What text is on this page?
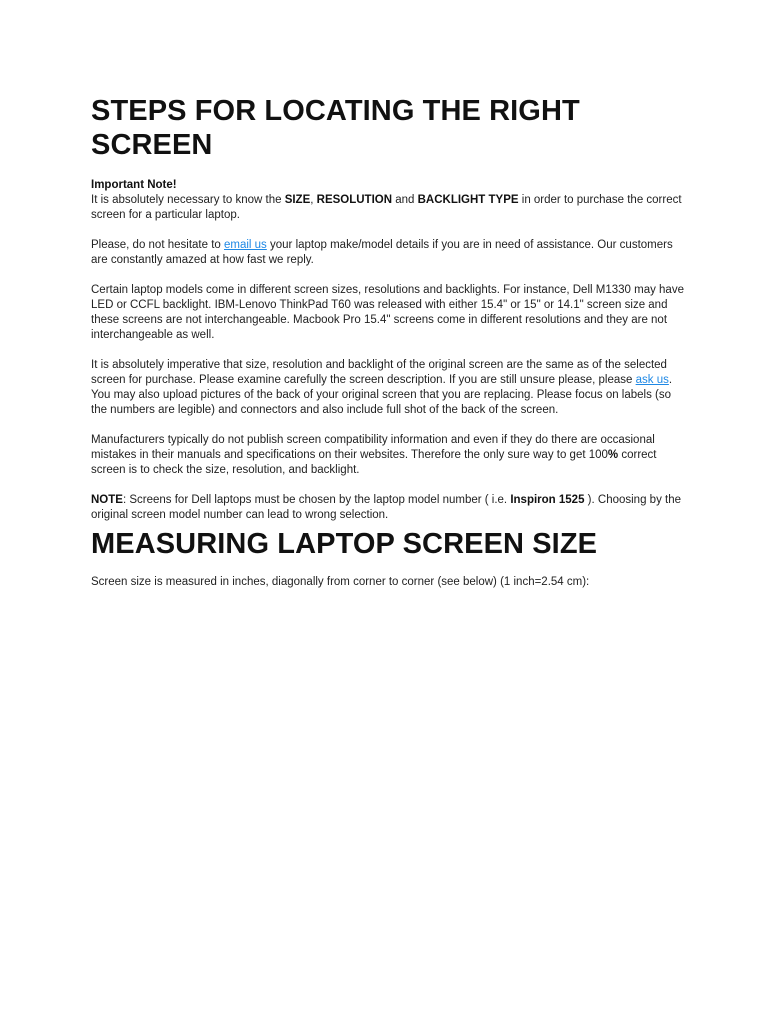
STEPS FOR LOCATING THE RIGHT SCREEN

Important Note!
It is absolutely necessary to know the SIZE, RESOLUTION and BACKLIGHT TYPE in order to purchase the correct screen for a particular laptop.

Please, do not hesitate to email us your laptop make/model details if you are in need of assistance. Our customers are constantly amazed at how fast we reply.

Certain laptop models come in different screen sizes, resolutions and backlights. For instance, Dell M1330 may have LED or CCFL backlight. IBM-Lenovo ThinkPad T60 was released with either 15.4" or 15" or 14.1" screen size and these screens are not interchangeable. Macbook Pro 15.4" screens come in different resolutions and they are not interchangeable as well.

It is absolutely imperative that size, resolution and backlight of the original screen are the same as of the selected screen for purchase. Please examine carefully the screen description. If you are still unsure please, please ask us. You may also upload pictures of the back of your original screen that you are replacing. Please focus on labels (so the numbers are legible) and connectors and also include full shot of the back of the screen.

Manufacturers typically do not publish screen compatibility information and even if they do there are occasional mistakes in their manuals and specifications on their websites. Therefore the only sure way to get 100% correct screen is to check the size, resolution, and backlight.

NOTE: Screens for Dell laptops must be chosen by the laptop model number ( i.e. Inspiron 1525 ). Choosing by the original screen model number can lead to wrong selection.

MEASURING LAPTOP SCREEN SIZE

Screen size is measured in inches, diagonally from corner to corner (see below) (1 inch=2.54 cm):
